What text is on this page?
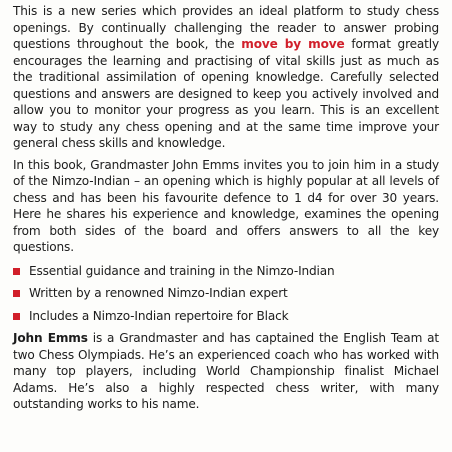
This is a new series which provides an ideal platform to study chess openings. By continually challenging the reader to answer probing questions throughout the book, the move by move format greatly encourages the learning and practising of vital skills just as much as the traditional assimilation of opening knowledge. Carefully selected questions and answers are designed to keep you actively involved and allow you to monitor your progress as you learn. This is an excellent way to study any chess opening and at the same time improve your general chess skills and knowledge.

In this book, Grandmaster John Emms invites you to join him in a study of the Nimzo-Indian – an opening which is highly popular at all levels of chess and has been his favourite defence to 1 d4 for over 30 years. Here he shares his experience and knowledge, examines the opening from both sides of the board and offers answers to all the key questions.

Essential guidance and training in the Nimzo-Indian
Written by a renowned Nimzo-Indian expert
Includes a Nimzo-Indian repertoire for Black

John Emms is a Grandmaster and has captained the English Team at two Chess Olympiads. He’s an experienced coach who has worked with many top players, including World Championship finalist Michael Adams. He’s also a highly respected chess writer, with many outstanding works to his name.
